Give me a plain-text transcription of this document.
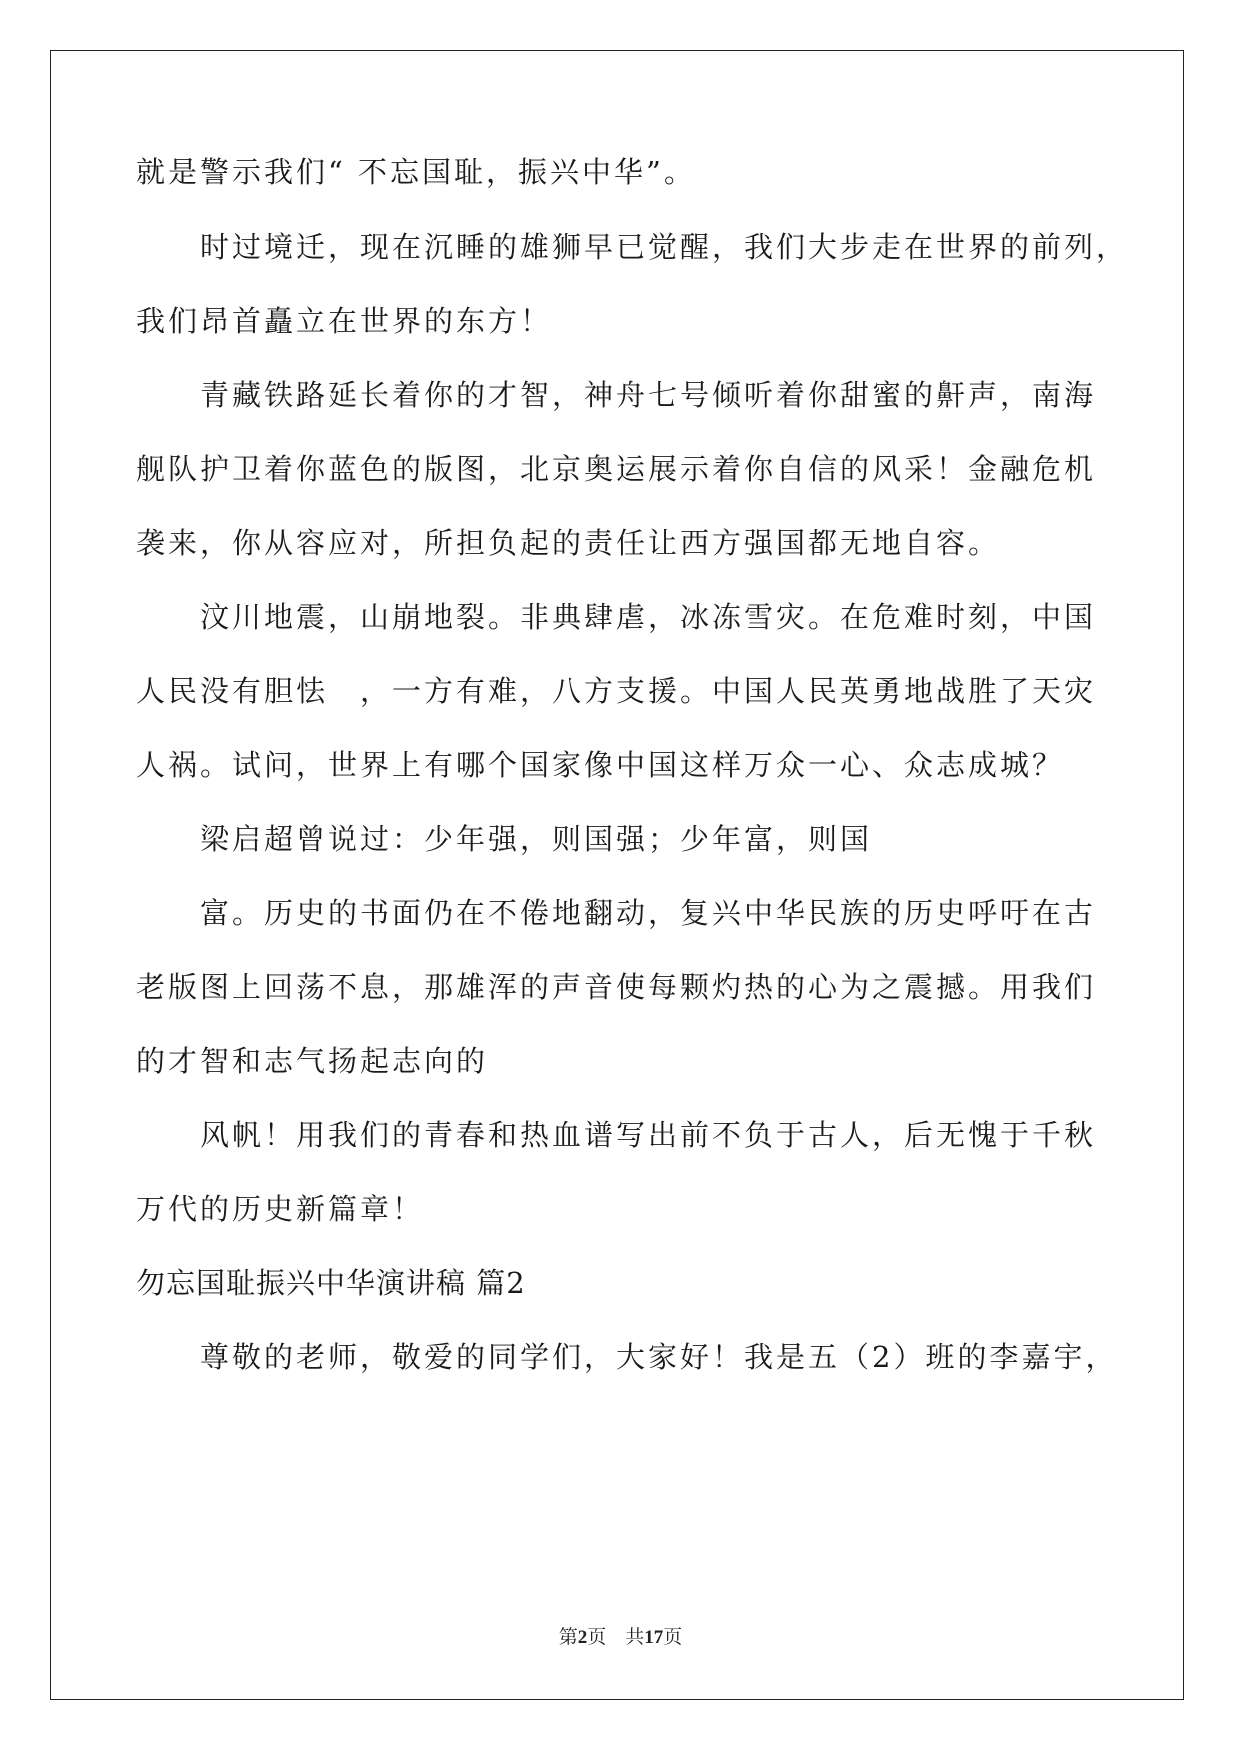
就是警示我们“ 不忘国耻，振兴中华”。
　　时过境迁，现在沉睡的雄狮早已觉醒，我们大步走在世界的前列，
我们昂首矗立在世界的东方！
　　青藏铁路延长着你的才智，神舟七号倾听着你甜蜜的鼾声，南海
舰队护卫着你蓝色的版图，北京奥运展示着你自信的风采！金融危机
袭来，你从容应对，所担负起的责任让西方强国都无地自容。
　　汶川地震，山崩地裂。非典肆虐，冰冻雪灾。在危难时刻，中国
人民没有胆怯　，一方有难，八方支援。中国人民英勇地战胜了天灾
人祸。试问，世界上有哪个国家像中国这样万众一心、众志成城？
　　梁启超曾说过：少年强，则国强；少年富，则国
　　富。历史的书面仍在不倦地翻动，复兴中华民族的历史呼吁在古
老版图上回荡不息，那雄浑的声音使每颗灼热的心为之震撼。用我们
的才智和志气扬起志向的
　　风帆！用我们的青春和热血谱写出前不负于古人，后无愧于千秋
万代的历史新篇章！
勿忘国耻振兴中华演讲稿 篇2
　　尊敬的老师，敬爱的同学们，大家好！我是五（2）班的李嘉宇，
第2页　共17页
